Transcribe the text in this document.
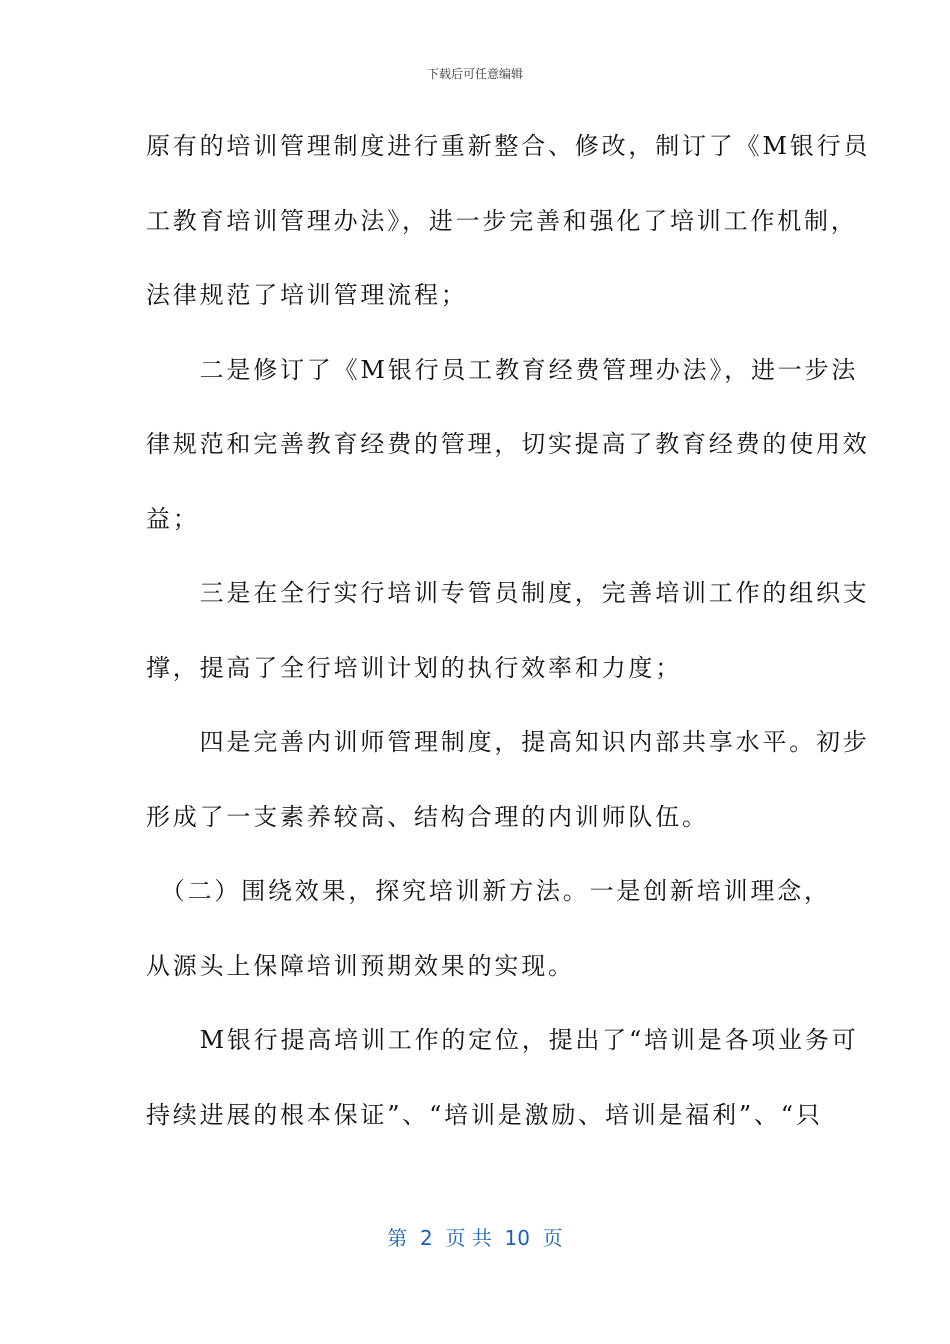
下载后可任意编辑
原有的培训管理制度进行重新整合、修改，制订了《M银行员
工教育培训管理办法》，进一步完善和强化了培训工作机制，
法律规范了培训管理流程；
　　二是修订了《M银行员工教育经费管理办法》，进一步法
律规范和完善教育经费的管理，切实提高了教育经费的使用效
益；
　　三是在全行实行培训专管员制度，完善培训工作的组织支
撑，提高了全行培训计划的执行效率和力度；
　　四是完善内训师管理制度，提高知识内部共享水平。初步
形成了一支素养较高、结构合理的内训师队伍。
　（二）围绕效果，探究培训新方法。一是创新培训理念，
从源头上保障培训预期效果的实现。
　　M银行提高培训工作的定位，提出了“培训是各项业务可
持续进展的根本保证”、“培训是激励、培训是福利”、“只
第  2  页 共  10  页
